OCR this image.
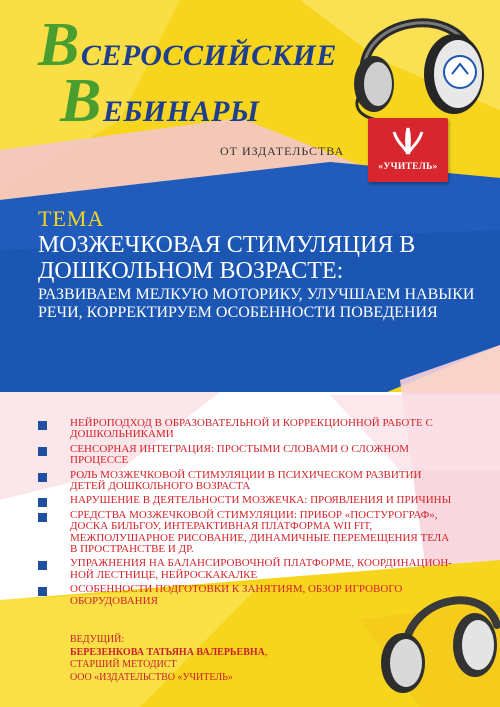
ВСЕРОССИЙСКИЕ
ВЕБИНАРЫ
ОТ ИЗДАТЕЛЬСТВА
«УЧИТЕЛЬ»
ТЕМА
МОЗЖЕЧКОВАЯ СТИМУЛЯЦИЯ В ДОШКОЛЬНОМ ВОЗРАСТЕ:
РАЗВИВАЕМ МЕЛКУЮ МОТОРИКУ, УЛУЧШАЕМ НАВЫКИ РЕЧИ, КОРРЕКТИРУЕМ ОСОБЕННОСТИ ПОВЕДЕНИЯ
НЕЙРОПОДХОД В ОБРАЗОВАТЕЛЬНОЙ И КОРРЕКЦИОННОЙ РАБОТЕ С ДОШКОЛЬНИКАМИ
СЕНСОРНАЯ ИНТЕГРАЦИЯ: ПРОСТЫМИ СЛОВАМИ О СЛОЖНОМ ПРОЦЕССЕ
РОЛЬ МОЗЖЕЧКОВОЙ СТИМУЛЯЦИИ В ПСИХИЧЕСКОМ РАЗВИТИИ ДЕТЕЙ ДОШКОЛЬНОГО ВОЗРАСТА
НАРУШЕНИЕ В ДЕЯТЕЛЬНОСТИ МОЗЖЕЧКА: ПРОЯВЛЕНИЯ И ПРИЧИНЫ
СРЕДСТВА МОЗЖЕЧКОВОЙ СТИМУЛЯЦИИ: ПРИБОР «ПОСТУРОГРАФ», ДОСКА БИЛЬГОУ, ИНТЕРАКТИВНАЯ ПЛАТФОРМА WII FIT, МЕЖПОЛУШАРНОЕ РИСОВАНИЕ, ДИНАМИЧНЫЕ ПЕРЕМЕЩЕНИЯ ТЕЛА В ПРОСТРАНСТВЕ И ДР.
УПРАЖНЕНИЯ НА БАЛАНСИРОВОЧНОЙ ПЛАТФОРМЕ, КООРДИНАЦИОН-НОЙ ЛЕСТНИЦЕ, НЕЙРОСКАКАЛКЕ
ОСОБЕННОСТИ ПОДГОТОВКИ К ЗАНЯТИЯМ, ОБЗОР ИГРОВОГО ОБОРУДОВАНИЯ
ВЕДУЩИЙ:
БЕРЕЗЕНКОВА ТАТЬЯНА ВАЛЕРЬЕВНА,
СТАРШИЙ МЕТОДИСТ
ООО «ИЗДАТЕЛЬСТВО «УЧИТЕЛЬ»
